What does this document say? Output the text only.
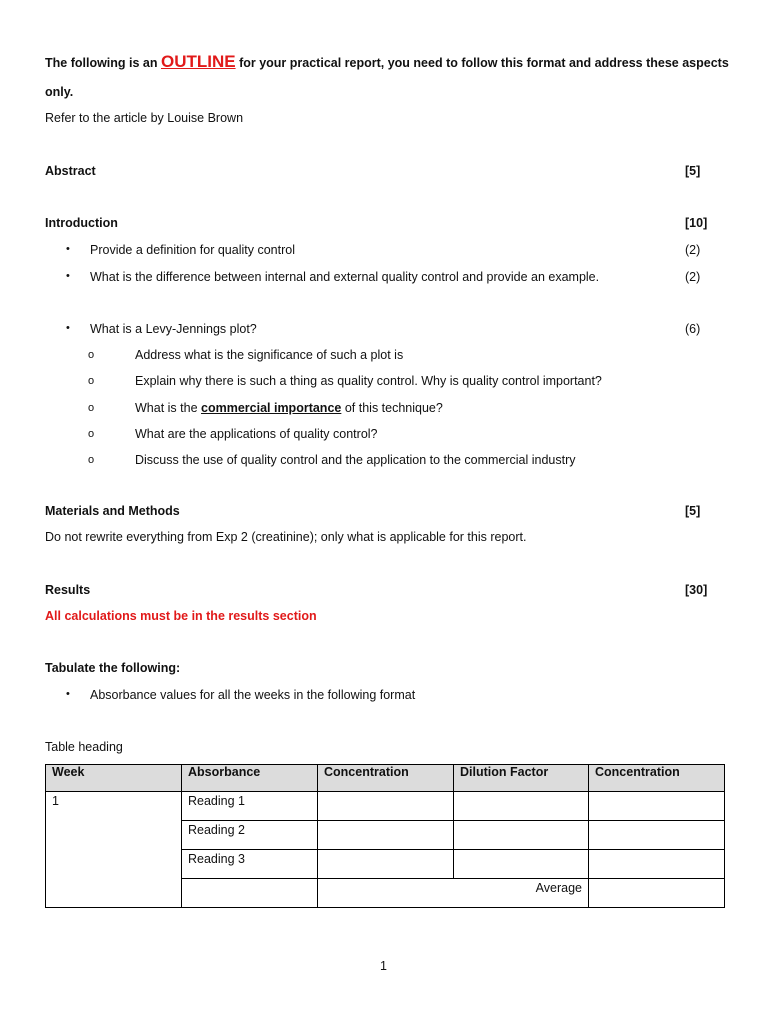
The following is an OUTLINE for your practical report, you need to follow this format and address these aspects
only.
Refer to the article by Louise Brown
Abstract	[5]
Introduction	[10]
• Provide a definition for quality control	(2)
• What is the difference between internal and external quality control and provide an example.	(2)
• What is a Levy-Jennings plot?	(6)
o	Address what is the significance of such a plot is
o	Explain why there is such a thing as quality control. Why is quality control important?
o	What is the commercial importance of this technique?
o	What are the applications of quality control?
o	Discuss the use of quality control and the application to the commercial industry
Materials and Methods	[5]
Do not rewrite everything from Exp 2 (creatinine); only what is applicable for this report.
Results	[30]
All calculations must be in the results section
Tabulate the following:
• Absorbance values for all the weeks in the following format
Table heading
Week	Absorbance	Concentration	Dilution Factor	Concentration
1	Reading 1			
	Reading 2			
	Reading 3			
		Average		
1
